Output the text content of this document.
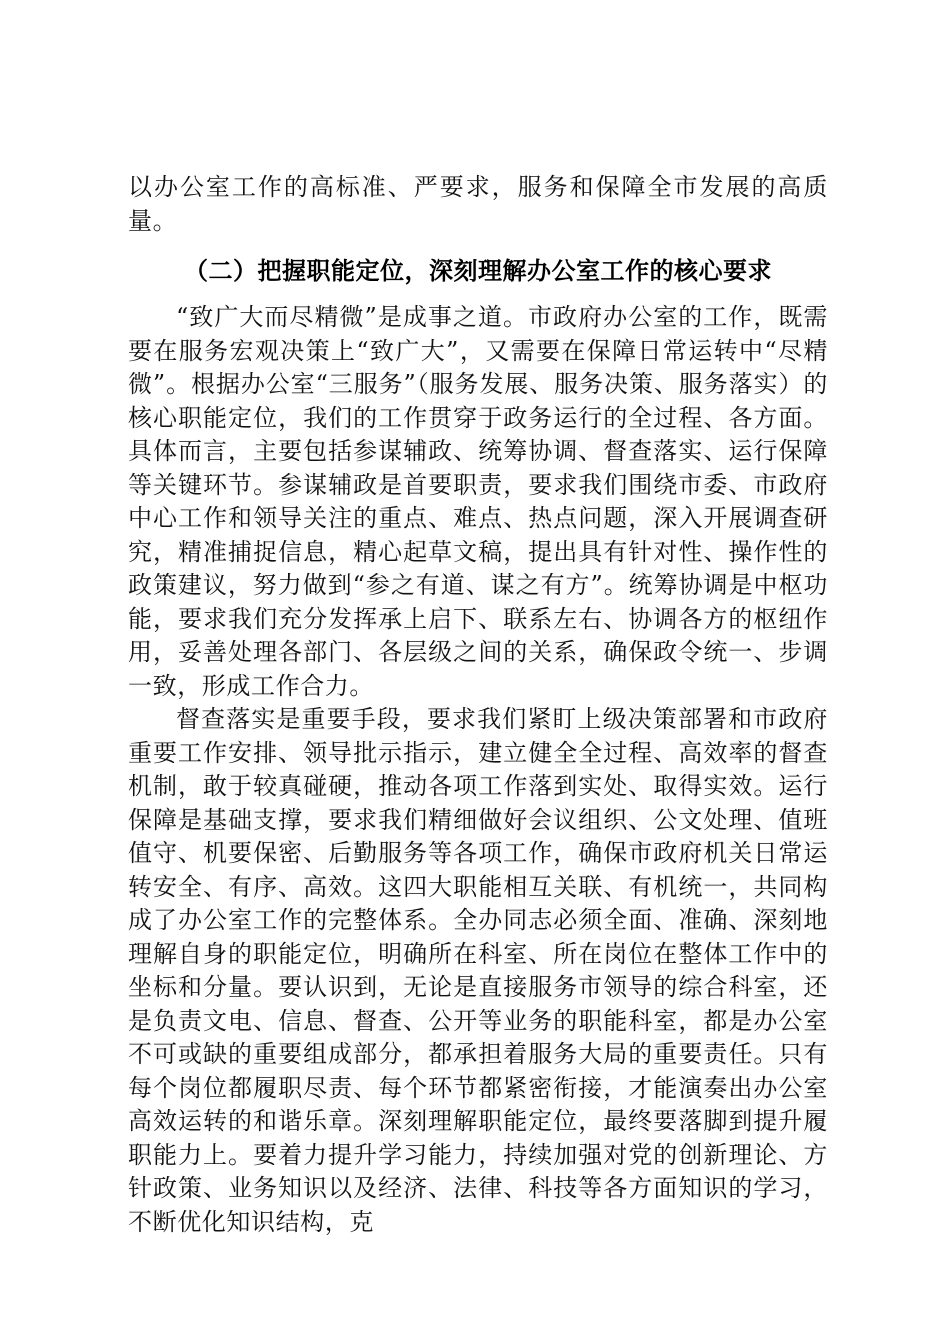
以办公室工作的高标准、严要求，服务和保障全市发展的高质量。

（二）把握职能定位，深刻理解办公室工作的核心要求

“致广大而尽精微”是成事之道。市政府办公室的工作，既需要在服务宏观决策上“致广大”，又需要在保障日常运转中“尽精微”。根据办公室“三服务”（服务发展、服务决策、服务落实）的核心职能定位，我们的工作贯穿于政务运行的全过程、各方面。具体而言，主要包括参谋辅政、统筹协调、督查落实、运行保障等关键环节。参谋辅政是首要职责，要求我们围绕市委、市政府中心工作和领导关注的重点、难点、热点问题，深入开展调查研究，精准捕捉信息，精心起草文稿，提出具有针对性、操作性的政策建议，努力做到“参之有道、谋之有方”。统筹协调是中枢功能，要求我们充分发挥承上启下、联系左右、协调各方的枢纽作用，妥善处理各部门、各层级之间的关系，确保政令统一、步调一致，形成工作合力。

督查落实是重要手段，要求我们紧盯上级决策部署和市政府重要工作安排、领导批示指示，建立健全全过程、高效率的督查机制，敢于较真碰硬，推动各项工作落到实处、取得实效。运行保障是基础支撑，要求我们精细做好会议组织、公文处理、值班值守、机要保密、后勤服务等各项工作，确保市政府机关日常运转安全、有序、高效。这四大职能相互关联、有机统一，共同构成了办公室工作的完整体系。全办同志必须全面、准确、深刻地理解自身的职能定位，明确所在科室、所在岗位在整体工作中的坐标和分量。要认识到，无论是直接服务市领导的综合科室，还是负责文电、信息、督查、公开等业务的职能科室，都是办公室不可或缺的重要组成部分，都承担着服务大局的重要责任。只有每个岗位都履职尽责、每个环节都紧密衔接，才能演奏出办公室高效运转的和谐乐章。深刻理解职能定位，最终要落脚到提升履职能力上。要着力提升学习能力，持续加强对党的创新理论、方针政策、业务知识以及经济、法律、科技等各方面知识的学习，不断优化知识结构，克
